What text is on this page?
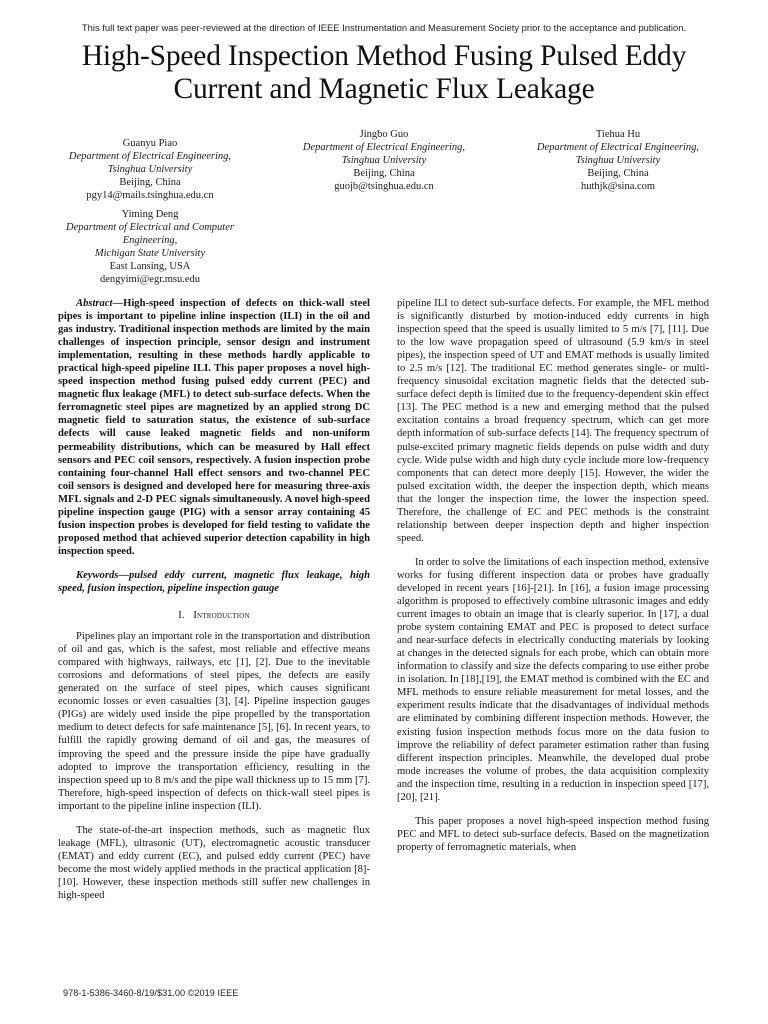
This full text paper was peer-reviewed at the direction of IEEE Instrumentation and Measurement Society prior to the acceptance and publication.
High-Speed Inspection Method Fusing Pulsed Eddy
Current and Magnetic Flux Leakage
Guanyu Piao
Department of Electrical Engineering,
Tsinghua University
Beijing, China
pgy14@mails.tsinghua.edu.cn
Jingbo Guo
Department of Electrical Engineering,
Tsinghua University
Beijing, China
guojb@tsinghua.edu.cn
Tiehua Hu
Department of Electrical Engineering,
Tsinghua University
Beijing, China
huthjk@sina.com
Yiming Deng
Department of Electrical and Computer
Engineering,
Michigan State University
East Lansing, USA
dengyimi@egr.msu.edu

Abstract—High-speed inspection of defects on thick-wall steel pipes is important to pipeline inline inspection (ILI) in the oil and gas industry. Traditional inspection methods are limited by the main challenges of inspection principle, sensor design and instrument implementation, resulting in these methods hardly applicable to practical high-speed pipeline ILI. This paper proposes a novel high-speed inspection method fusing pulsed eddy current (PEC) and magnetic flux leakage (MFL) to detect sub-surface defects. When the ferromagnetic steel pipes are magnetized by an applied strong DC magnetic field to saturation status, the existence of sub-surface defects will cause leaked magnetic fields and non-uniform permeability distributions, which can be measured by Hall effect sensors and PEC coil sensors, respectively. A fusion inspection probe containing four-channel Hall effect sensors and two-channel PEC coil sensors is designed and developed here for measuring three-axis MFL signals and 2-D PEC signals simultaneously. A novel high-speed pipeline inspection gauge (PIG) with a sensor array containing 45 fusion inspection probes is developed for field testing to validate the proposed method that achieved superior detection capability in high inspection speed.

Keywords—pulsed eddy current, magnetic flux leakage, high speed, fusion inspection, pipeline inspection gauge

I. Introduction

Pipelines play an important role in the transportation and distribution of oil and gas, which is the safest, most reliable and effective means compared with highways, railways, etc [1], [2]. Due to the inevitable corrosions and deformations of steel pipes, the defects are easily generated on the surface of steel pipes, which causes significant economic losses or even casualties [3], [4]. Pipeline inspection gauges (PIGs) are widely used inside the pipe propelled by the transportation medium to detect defects for safe maintenance [5], [6]. In recent years, to fulfill the rapidly growing demand of oil and gas, the measures of improving the speed and the pressure inside the pipe have gradually adopted to improve the transportation efficiency, resulting in the inspection speed up to 8 m/s and the pipe wall thickness up to 15 mm [7]. Therefore, high-speed inspection of defects on thick-wall steel pipes is important to the pipeline inline inspection (ILI).

The state-of-the-art inspection methods, such as magnetic flux leakage (MFL), ultrasonic (UT), electromagnetic acoustic transducer (EMAT) and eddy current (EC), and pulsed eddy current (PEC) have become the most widely applied methods in the practical application [8]-[10]. However, these inspection methods still suffer new challenges in high-speed

pipeline ILI to detect sub-surface defects. For example, the MFL method is significantly disturbed by motion-induced eddy currents in high inspection speed that the speed is usually limited to 5 m/s [7], [11]. Due to the low wave propagation speed of ultrasound (5.9 km/s in steel pipes), the inspection speed of UT and EMAT methods is usually limited to 2.5 m/s [12]. The traditional EC method generates single- or multi-frequency sinusoidal excitation magnetic fields that the detected sub-surface defect depth is limited due to the frequency-dependent skin effect [13]. The PEC method is a new and emerging method that the pulsed excitation contains a broad frequency spectrum, which can get more depth information of sub-surface defects [14]. The frequency spectrum of pulse-excited primary magnetic fields depends on pulse width and duty cycle. Wide pulse width and high duty cycle include more low-frequency components that can detect more deeply [15]. However, the wider the pulsed excitation width, the deeper the inspection depth, which means that the longer the inspection time, the lower the inspection speed. Therefore, the challenge of EC and PEC methods is the constraint relationship between deeper inspection depth and higher inspection speed.

In order to solve the limitations of each inspection method, extensive works for fusing different inspection data or probes have gradually developed in recent years [16]-[21]. In [16], a fusion image processing algorithm is proposed to effectively combine ultrasonic images and eddy current images to obtain an image that is clearly superior. In [17], a dual probe system containing EMAT and PEC is proposed to detect surface and near-surface defects in electrically conducting materials by looking at changes in the detected signals for each probe, which can obtain more information to classify and size the defects comparing to use either probe in isolation. In [18],[19], the EMAT method is combined with the EC and MFL methods to ensure reliable measurement for metal losses, and the experiment results indicate that the disadvantages of individual methods are eliminated by combining different inspection methods. However, the existing fusion inspection methods focus more on the data fusion to improve the reliability of defect parameter estimation rather than fusing different inspection principles. Meanwhile, the developed dual probe mode increases the volume of probes, the data acquisition complexity and the inspection time, resulting in a reduction in inspection speed [17], [20], [21].

This paper proposes a novel high-speed inspection method fusing PEC and MFL to detect sub-surface defects. Based on the magnetization property of ferromagnetic materials, when

978-1-5386-3460-8/19/$31.00 ©2019 IEEE
